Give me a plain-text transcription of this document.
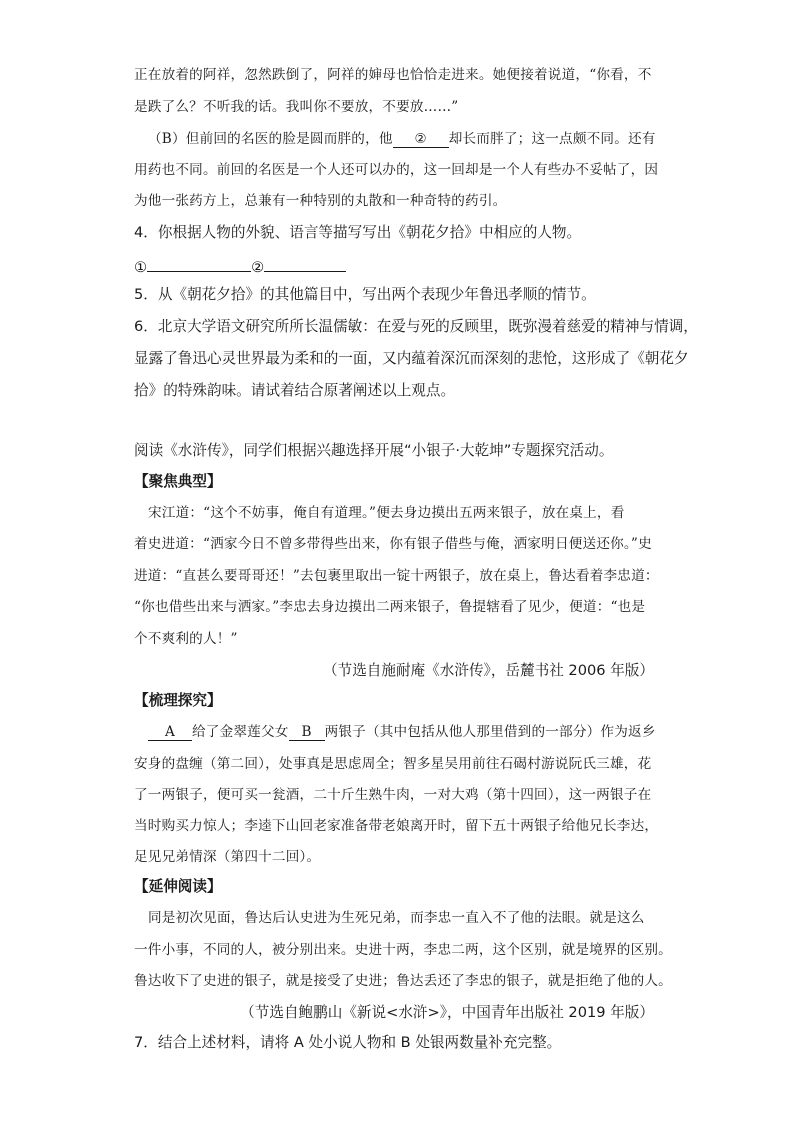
正在放着的阿祥，忽然跌倒了，阿祥的婶母也恰恰走进来。她便接着说道，“你看，不
是跌了么？不听我的话。我叫你不要放，不要放……”
（B）但前回的名医的脸是圆而胖的，他 ② 却长而胖了；这一点颇不同。还有
用药也不同。前回的名医是一个人还可以办的，这一回却是一个人有些办不妥帖了，因
为他一张药方上，总兼有一种特别的丸散和一种奇特的药引。
4．你根据人物的外貌、语言等描写写出《朝花夕拾》中相应的人物。
①	②
5．从《朝花夕拾》的其他篇目中，写出两个表现少年鲁迅孝顺的情节。
6．北京大学语文研究所所长温儒敏：在爱与死的反顾里，既弥漫着慈爱的精神与情调，
显露了鲁迅心灵世界最为柔和的一面，又内蕴着深沉而深刻的悲怆，这形成了《朝花夕
拾》的特殊韵味。请试着结合原著阐述以上观点。
阅读《水浒传》，同学们根据兴趣选择开展“小银子·大乾坤”专题探究活动。
【聚焦典型】
宋江道：“这个不妨事，俺自有道理。”便去身边摸出五两来银子，放在桌上，看
着史进道：“洒家今日不曾多带得些出来，你有银子借些与俺，洒家明日便送还你。”史
进道：“直甚么要哥哥还！”去包裹里取出一锭十两银子，放在桌上，鲁达看着李忠道：
“你也借些出来与洒家。”李忠去身边摸出二两来银子，鲁提辖看了见少，便道：“也是
个不爽利的人！”
（节选自施耐庵《水浒传》，岳麓书社 2006 年版）
【梳理探究】
A 给了金翠莲父女 B 两银子（其中包括从他人那里借到的一部分）作为返乡
安身的盘缠（第二回），处事真是思虑周全；智多星吴用前往石碣村游说阮氏三雄，花
了一两银子，便可买一瓮酒，二十斤生熟牛肉，一对大鸡（第十四回），这一两银子在
当时购买力惊人；李逵下山回老家准备带老娘离开时，留下五十两银子给他兄长李达，
足见兄弟情深（第四十二回）。
【延伸阅读】
同是初次见面，鲁达后认史进为生死兄弟，而李忠一直入不了他的法眼。就是这么
一件小事，不同的人，被分别出来。史进十两，李忠二两，这个区别，就是境界的区别。
鲁达收下了史进的银子，就是接受了史进；鲁达丢还了李忠的银子，就是拒绝了他的人。
（节选自鲍鹏山《新说<水浒>》，中国青年出版社 2019 年版）
7．结合上述材料，请将 A 处小说人物和 B 处银两数量补充完整。
